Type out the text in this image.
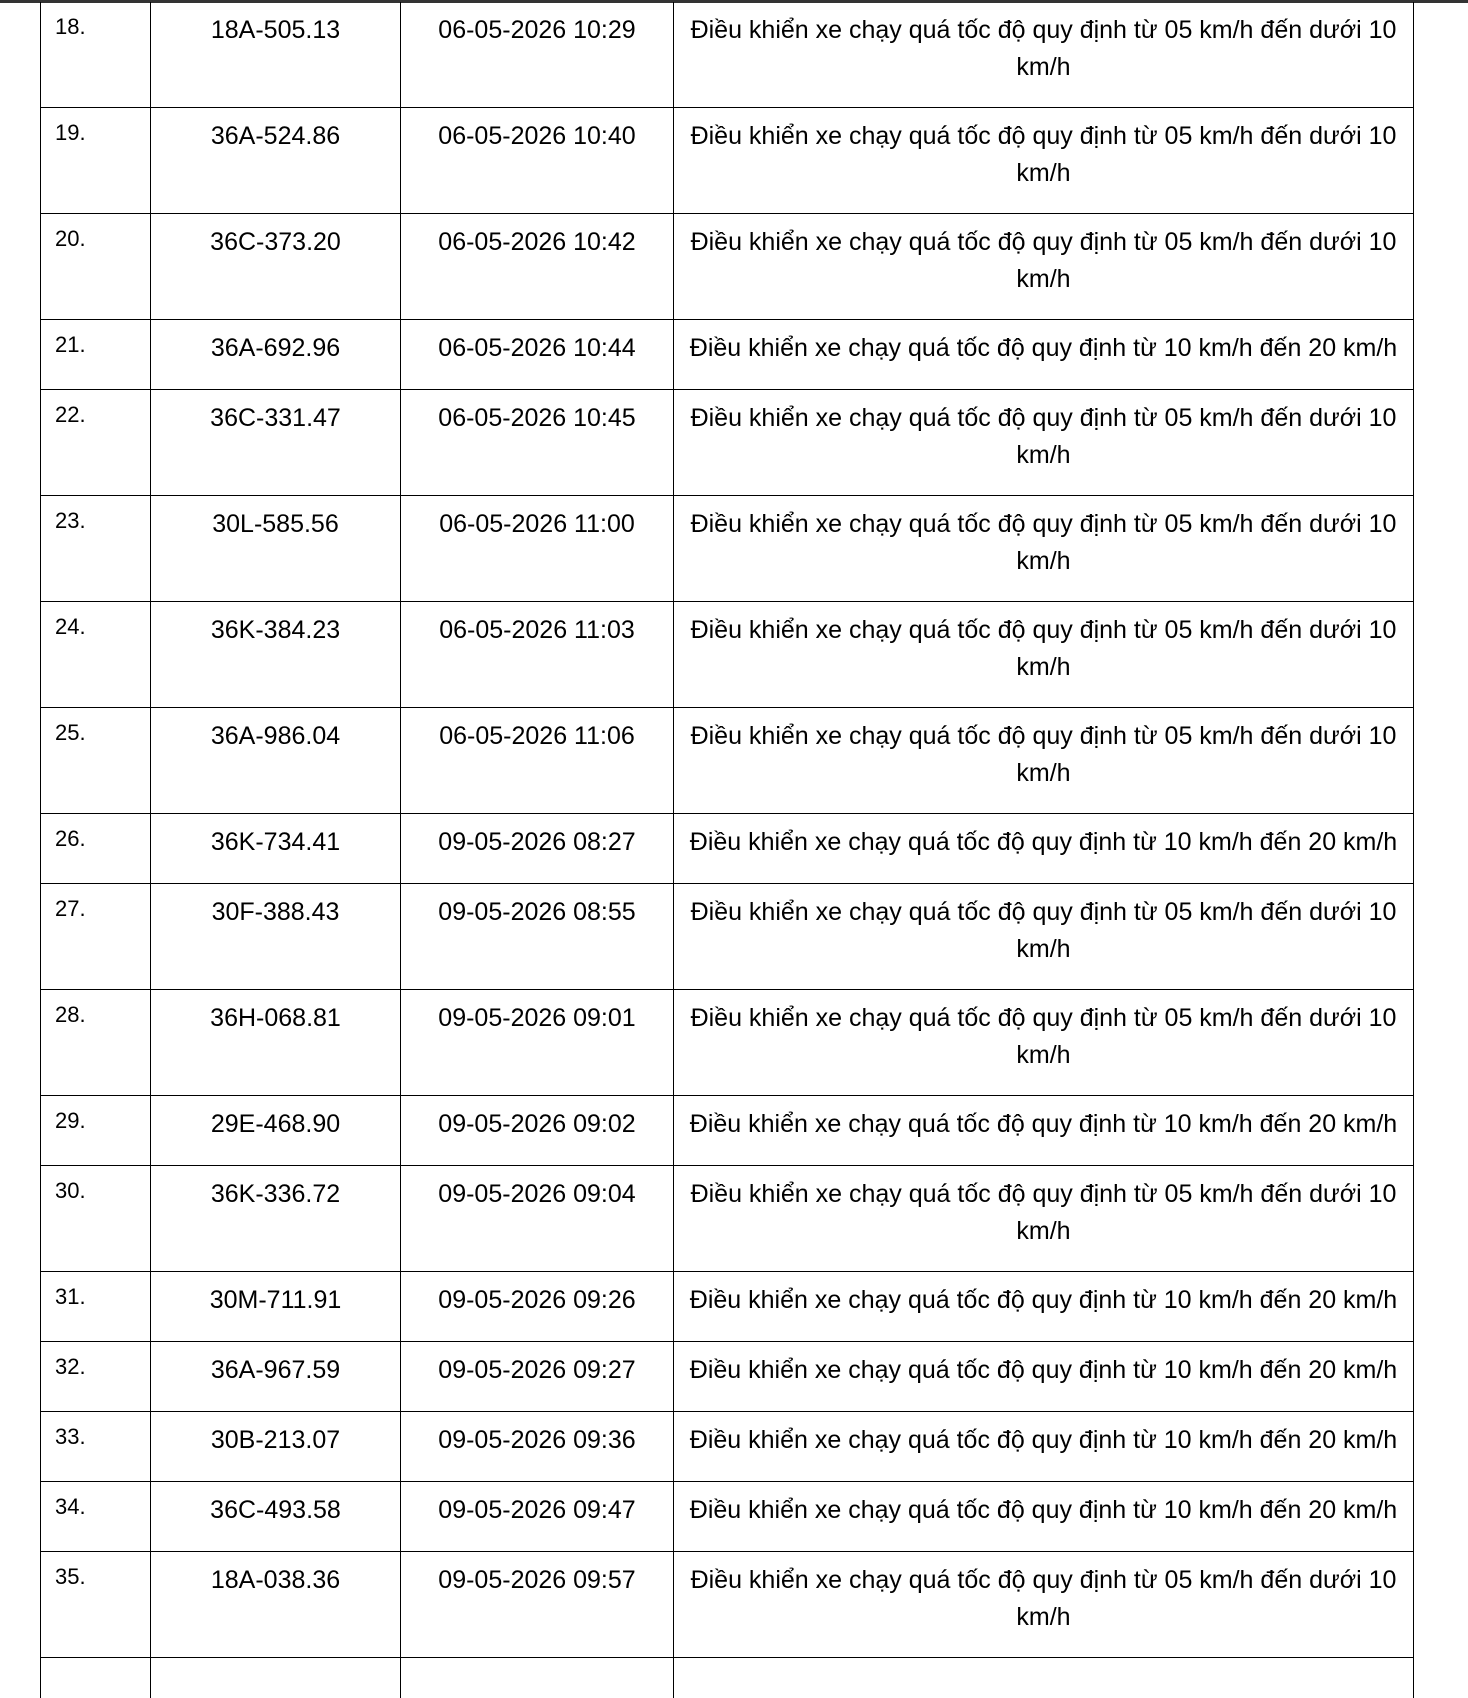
18.	18A-505.13	06-05-2026 10:29	Điều khiển xe chạy quá tốc độ quy định từ 05 km/h đến dưới 10 km/h

19.	36A-524.86	06-05-2026 10:40	Điều khiển xe chạy quá tốc độ quy định từ 05 km/h đến dưới 10 km/h

20.	36C-373.20	06-05-2026 10:42	Điều khiển xe chạy quá tốc độ quy định từ 05 km/h đến dưới 10 km/h

21.	36A-692.96	06-05-2026 10:44	Điều khiển xe chạy quá tốc độ quy định từ 10 km/h đến 20 km/h

22.	36C-331.47	06-05-2026 10:45	Điều khiển xe chạy quá tốc độ quy định từ 05 km/h đến dưới 10 km/h

23.	30L-585.56	06-05-2026 11:00	Điều khiển xe chạy quá tốc độ quy định từ 05 km/h đến dưới 10 km/h

24.	36K-384.23	06-05-2026 11:03	Điều khiển xe chạy quá tốc độ quy định từ 05 km/h đến dưới 10 km/h

25.	36A-986.04	06-05-2026 11:06	Điều khiển xe chạy quá tốc độ quy định từ 05 km/h đến dưới 10 km/h

26.	36K-734.41	09-05-2026 08:27	Điều khiển xe chạy quá tốc độ quy định từ 10 km/h đến 20 km/h

27.	30F-388.43	09-05-2026 08:55	Điều khiển xe chạy quá tốc độ quy định từ 05 km/h đến dưới 10 km/h

28.	36H-068.81	09-05-2026 09:01	Điều khiển xe chạy quá tốc độ quy định từ 05 km/h đến dưới 10 km/h

29.	29E-468.90	09-05-2026 09:02	Điều khiển xe chạy quá tốc độ quy định từ 10 km/h đến 20 km/h

30.	36K-336.72	09-05-2026 09:04	Điều khiển xe chạy quá tốc độ quy định từ 05 km/h đến dưới 10 km/h

31.	30M-711.91	09-05-2026 09:26	Điều khiển xe chạy quá tốc độ quy định từ 10 km/h đến 20 km/h

32.	36A-967.59	09-05-2026 09:27	Điều khiển xe chạy quá tốc độ quy định từ 10 km/h đến 20 km/h

33.	30B-213.07	09-05-2026 09:36	Điều khiển xe chạy quá tốc độ quy định từ 10 km/h đến 20 km/h

34.	36C-493.58	09-05-2026 09:47	Điều khiển xe chạy quá tốc độ quy định từ 10 km/h đến 20 km/h

35.	18A-038.36	09-05-2026 09:57	Điều khiển xe chạy quá tốc độ quy định từ 05 km/h đến dưới 10 km/h
